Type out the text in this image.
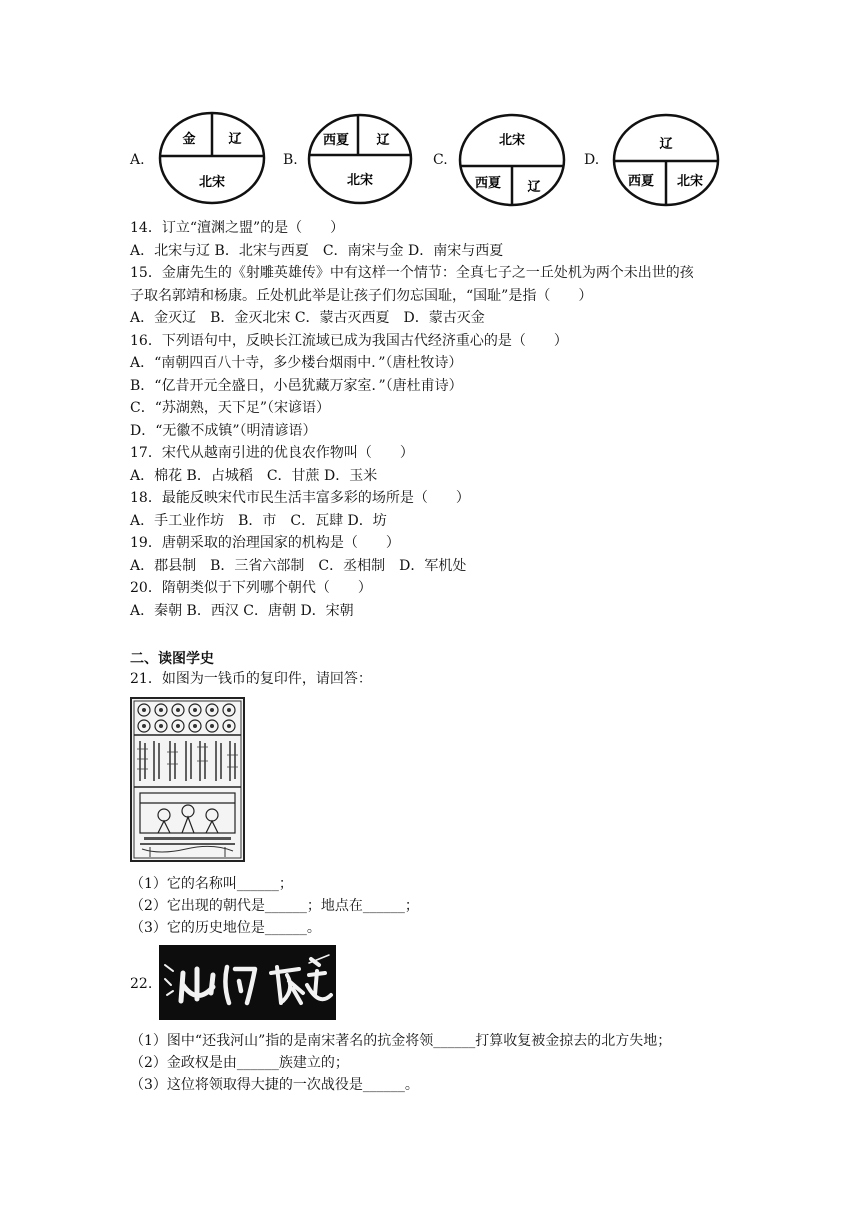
A.
金	辽
北宋
B.
西夏 辽
北宋
C.
北宋
西夏 辽
D.
辽
西夏 北宋
14．订立“澶渊之盟”的是（　　）
A．北宋与辽 B．北宋与西夏　C．南宋与金 D．南宋与西夏
15．金庸先生的《射雕英雄传》中有这样一个情节：全真七子之一丘处机为两个未出世的孩
子取名郭靖和杨康。丘处机此举是让孩子们勿忘国耻，“国耻”是指（　　）
A．金灭辽　B．金灭北宋 C．蒙古灭西夏　D．蒙古灭金
16．下列语句中，反映长江流域已成为我国古代经济重心的是（　　）
A．“南朝四百八十寺，多少楼台烟雨中．”（唐杜牧诗）
B．“亿昔开元全盛日，小邑犹藏万家室．”（唐杜甫诗）
C．“苏湖熟，天下足”（宋谚语）
D．“无徽不成镇”（明清谚语）
17．宋代从越南引进的优良农作物叫（　　）
A．棉花 B．占城稻　C．甘蔗 D．玉米
18．最能反映宋代市民生活丰富多彩的场所是（　　）
A．手工业作坊　B．市　C．瓦肆 D．坊
19．唐朝采取的治理国家的机构是（　　）
A．郡县制　B．三省六部制　C．丞相制　D．军机处
20．隋朝类似于下列哪个朝代（　　）
A．秦朝 B．西汉 C．唐朝 D．宋朝
二、读图学史
21．如图为一钱币的复印件，请回答：
（1）它的名称叫______；
（2）它出现的朝代是______；地点在______；
（3）它的历史地位是______。
22.
（1）图中“还我河山”指的是南宋著名的抗金将领______打算收复被金掠去的北方失地；
（2）金政权是由______族建立的；
（3）这位将领取得大捷的一次战役是______。
